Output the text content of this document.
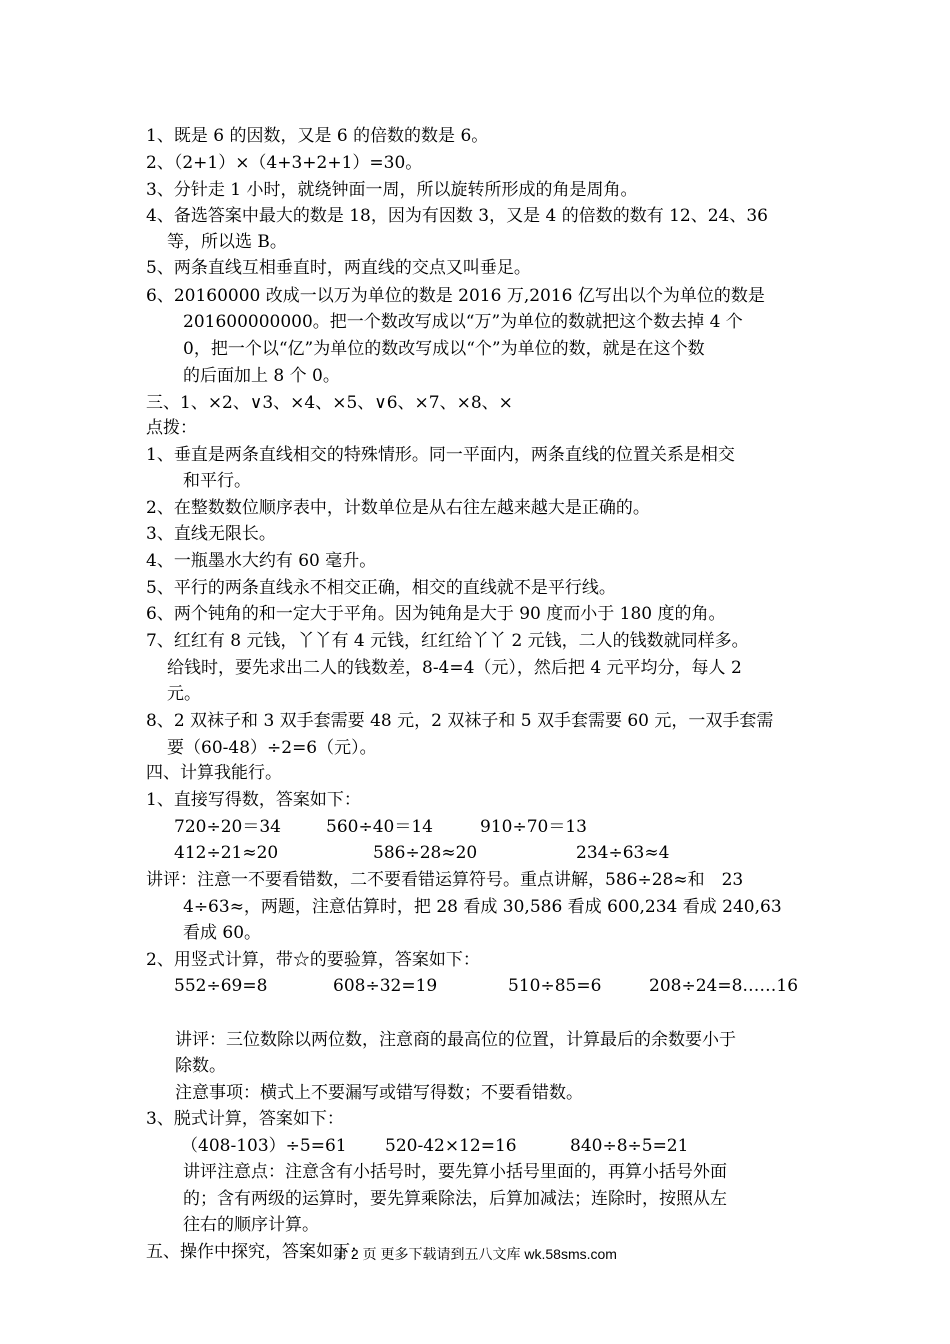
1、既是 6 的因数，又是 6 的倍数的数是 6。
2、（2+1）×（4+3+2+1）=30。
3、分针走 1 小时，就绕钟面一周，所以旋转所形成的角是周角。
4、备选答案中最大的数是 18，因为有因数 3，又是 4 的倍数的数有 12、24、36
等，所以选 B。
5、两条直线互相垂直时，两直线的交点又叫垂足。
6、20160000 改成一以万为单位的数是 2016 万,2016 亿写出以个为单位的数是
201600000000。把一个数改写成以“万”为单位的数就把这个数去掉 4 个
0，把一个以“亿”为单位的数改写成以“个”为单位的数，就是在这个数
的后面加上 8 个 0。
三、1、×2、∨3、×4、×5、∨6、×7、×8、×
点拨：
1、垂直是两条直线相交的特殊情形。同一平面内，两条直线的位置关系是相交
和平行。
2、在整数数位顺序表中，计数单位是从右往左越来越大是正确的。
3、直线无限长。
4、一瓶墨水大约有 60 毫升。
5、平行的两条直线永不相交正确，相交的直线就不是平行线。
6、两个钝角的和一定大于平角。因为钝角是大于 90 度而小于 180 度的角。
7、红红有 8 元钱，丫丫有 4 元钱，红红给丫丫 2 元钱，二人的钱数就同样多。
给钱时，要先求出二人的钱数差，8-4=4（元），然后把 4 元平均分，每人 2
元。
8、2 双袜子和 3 双手套需要 48 元，2 双袜子和 5 双手套需要 60 元，一双手套需
要（60-48）÷2=6（元）。
四、计算我能行。
1、直接写得数，答案如下：
720÷20＝34	560÷40＝14	910÷70＝13
412÷21≈20	586÷28≈20	234÷63≈4
讲评：注意一不要看错数，二不要看错运算符号。重点讲解，586÷28≈和　23
4÷63≈，两题，注意估算时，把 28 看成 30,586 看成 600,234 看成 240,63
看成 60。
2、用竖式计算，带☆的要验算，答案如下：
552÷69=8	608÷32=19	510÷85=6	208÷24=8……16
讲评：三位数除以两位数，注意商的最高位的位置，计算最后的余数要小于
除数。
注意事项：横式上不要漏写或错写得数；不要看错数。
3、脱式计算，答案如下：
（408-103）÷5=61 520-42×12=16	840÷8÷5=21
讲评注意点：注意含有小括号时，要先算小括号里面的，再算小括号外面
的；含有两级的运算时，要先算乘除法，后算加减法；连除时，按照从左
往右的顺序计算。
五、操作中探究，答案如下：
第 2 页 更多下载请到五八文库 wk.58sms.com
